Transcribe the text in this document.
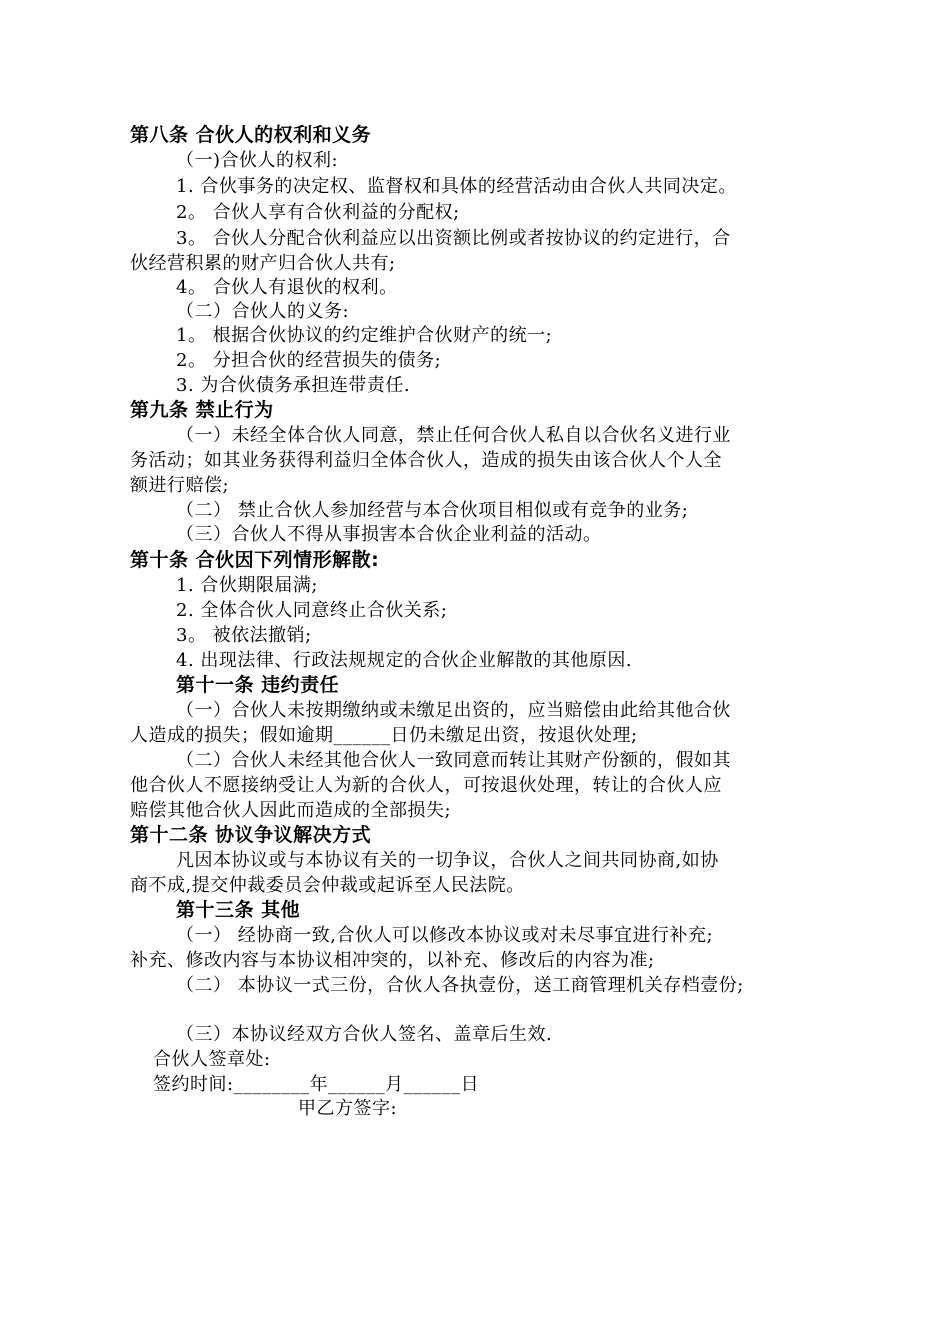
第八条 合伙人的权利和义务
（一)合伙人的权利:
1. 合伙事务的决定权、监督权和具体的经营活动由合伙人共同决定。
2。 合伙人享有合伙利益的分配权;
3。 合伙人分配合伙利益应以出资额比例或者按协议的约定进行，合
伙经营积累的财产归合伙人共有;
4。 合伙人有退伙的权利。
（二）合伙人的义务:
1。 根据合伙协议的约定维护合伙财产的统一;
2。 分担合伙的经营损失的债务;
3. 为合伙债务承担连带责任.
第九条 禁止行为
（一）未经全体合伙人同意，禁止任何合伙人私自以合伙名义进行业
务活动；如其业务获得利益归全体合伙人，造成的损失由该合伙人个人全
额进行赔偿;
（二） 禁止合伙人参加经营与本合伙项目相似或有竞争的业务;
（三）合伙人不得从事损害本合伙企业利益的活动。
第十条 合伙因下列情形解散:
1. 合伙期限届满;
2. 全体合伙人同意终止合伙关系;
3。 被依法撤销;
4. 出现法律、行政法规规定的合伙企业解散的其他原因.
第十一条 违约责任
（一）合伙人未按期缴纳或未缴足出资的，应当赔偿由此给其他合伙
人造成的损失；假如逾期______日仍未缴足出资，按退伙处理;
（二）合伙人未经其他合伙人一致同意而转让其财产份额的，假如其
他合伙人不愿接纳受让人为新的合伙人，可按退伙处理，转让的合伙人应
赔偿其他合伙人因此而造成的全部损失;
第十二条 协议争议解决方式
凡因本协议或与本协议有关的一切争议，合伙人之间共同协商,如协
商不成,提交仲裁委员会仲裁或起诉至人民法院。
第十三条 其他
（一） 经协商一致,合伙人可以修改本协议或对未尽事宜进行补充;
补充、修改内容与本协议相冲突的，以补充、修改后的内容为准;
（二） 本协议一式三份，合伙人各执壹份，送工商管理机关存档壹份;
（三）本协议经双方合伙人签名、盖章后生效.
合伙人签章处:
签约时间:________年______月______日
甲乙方签字:
